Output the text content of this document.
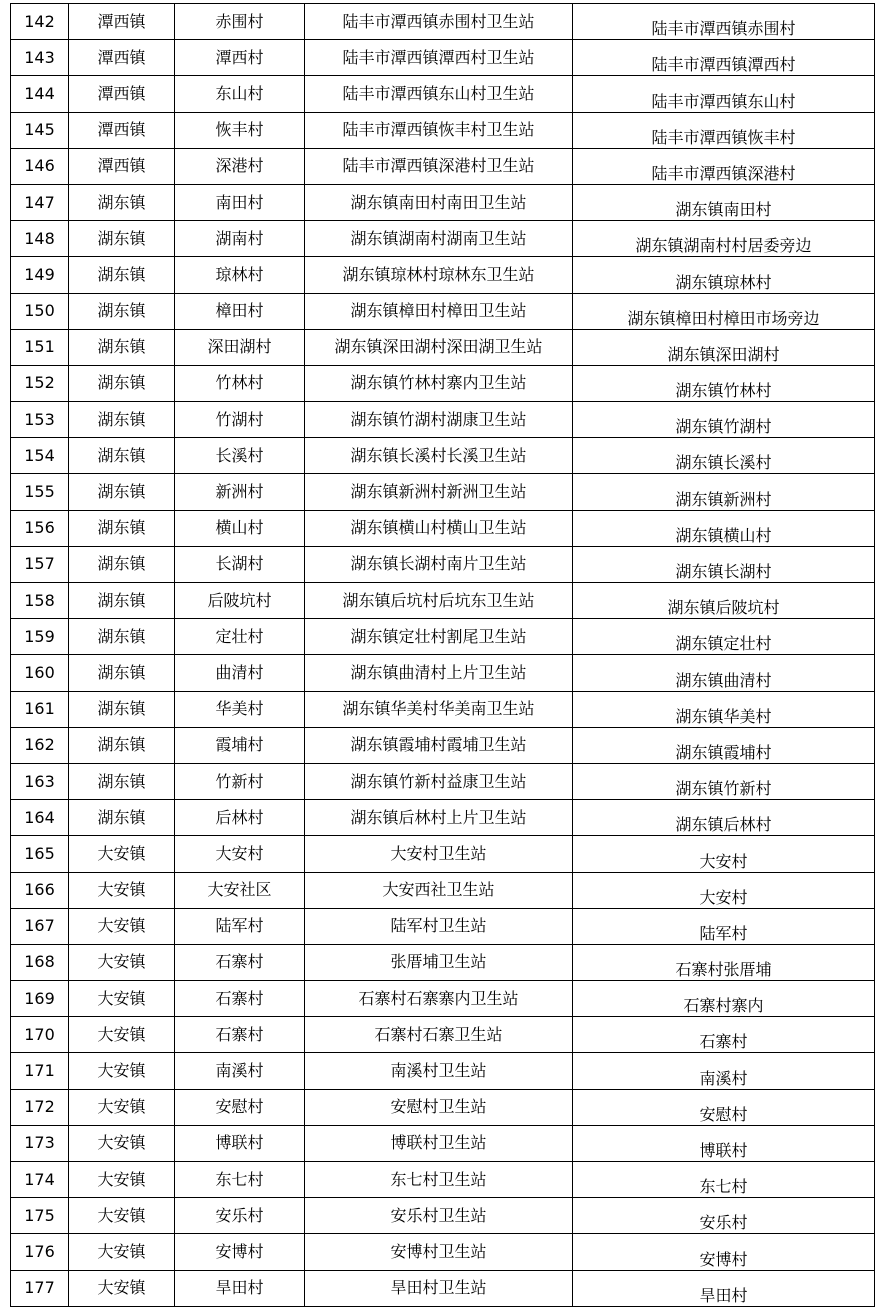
142	潭西镇	赤围村	陆丰市潭西镇赤围村卫生站	陆丰市潭西镇赤围村
143	潭西镇	潭西村	陆丰市潭西镇潭西村卫生站	陆丰市潭西镇潭西村
144	潭西镇	东山村	陆丰市潭西镇东山村卫生站	陆丰市潭西镇东山村
145	潭西镇	恢丰村	陆丰市潭西镇恢丰村卫生站	陆丰市潭西镇恢丰村
146	潭西镇	深港村	陆丰市潭西镇深港村卫生站	陆丰市潭西镇深港村
147	湖东镇	南田村	湖东镇南田村南田卫生站	湖东镇南田村
148	湖东镇	湖南村	湖东镇湖南村湖南卫生站	湖东镇湖南村村居委旁边
149	湖东镇	琼林村	湖东镇琼林村琼林东卫生站	湖东镇琼林村
150	湖东镇	樟田村	湖东镇樟田村樟田卫生站	湖东镇樟田村樟田市场旁边
151	湖东镇	深田湖村	湖东镇深田湖村深田湖卫生站	湖东镇深田湖村
152	湖东镇	竹林村	湖东镇竹林村寨内卫生站	湖东镇竹林村
153	湖东镇	竹湖村	湖东镇竹湖村湖康卫生站	湖东镇竹湖村
154	湖东镇	长溪村	湖东镇长溪村长溪卫生站	湖东镇长溪村
155	湖东镇	新洲村	湖东镇新洲村新洲卫生站	湖东镇新洲村
156	湖东镇	横山村	湖东镇横山村横山卫生站	湖东镇横山村
157	湖东镇	长湖村	湖东镇长湖村南片卫生站	湖东镇长湖村
158	湖东镇	后陂坑村	湖东镇后坑村后坑东卫生站	湖东镇后陂坑村
159	湖东镇	定壮村	湖东镇定壮村割尾卫生站	湖东镇定壮村
160	湖东镇	曲清村	湖东镇曲清村上片卫生站	湖东镇曲清村
161	湖东镇	华美村	湖东镇华美村华美南卫生站	湖东镇华美村
162	湖东镇	霞埔村	湖东镇霞埔村霞埔卫生站	湖东镇霞埔村
163	湖东镇	竹新村	湖东镇竹新村益康卫生站	湖东镇竹新村
164	湖东镇	后林村	湖东镇后林村上片卫生站	湖东镇后林村
165	大安镇	大安村	大安村卫生站	大安村
166	大安镇	大安社区	大安西社卫生站	大安村
167	大安镇	陆军村	陆军村卫生站	陆军村
168	大安镇	石寨村	张厝埔卫生站	石寨村张厝埔
169	大安镇	石寨村	石寨村石寨寨内卫生站	石寨村寨内
170	大安镇	石寨村	石寨村石寨卫生站	石寨村
171	大安镇	南溪村	南溪村卫生站	南溪村
172	大安镇	安慰村	安慰村卫生站	安慰村
173	大安镇	博联村	博联村卫生站	博联村
174	大安镇	东七村	东七村卫生站	东七村
175	大安镇	安乐村	安乐村卫生站	安乐村
176	大安镇	安博村	安博村卫生站	安博村
177	大安镇	旱田村	旱田村卫生站	旱田村
